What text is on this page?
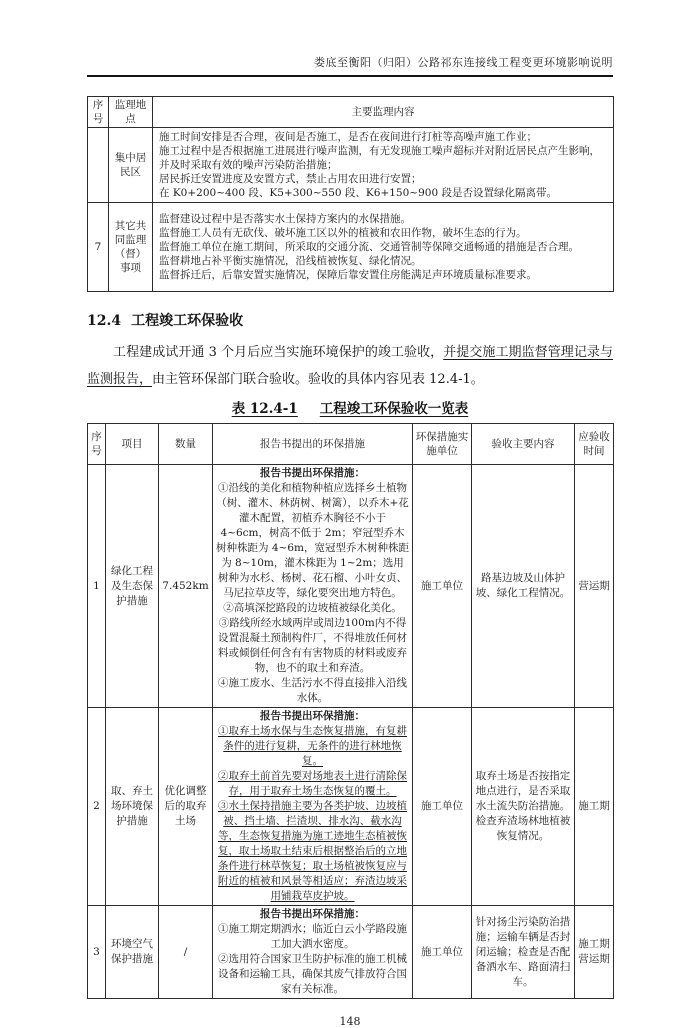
娄底至衡阳（归阳）公路祁东连接线工程变更环境影响说明
序号	监理地点	主要监理内容
	集中居民区	施工时间安排是否合理，夜间是否施工，是否在夜间进行打桩等高噪声施工作业；
施工过程中是否根据施工进展进行噪声监测，有无发现施工噪声超标并对附近居民点产生影响，并及时采取有效的噪声污染防治措施；
居民拆迁安置进度及安置方式，禁止占用农田进行安置；
在 K0+200~400 段、K5+300~550 段、K6+150~900 段是否设置绿化隔离带。

7	其它共同监理（督）事项	监督建设过程中是否落实水土保持方案内的水保措施。
监督施工人员有无砍伐、破坏施工区以外的植被和农田作物，破坏生态的行为。
监督施工单位在施工期间，所采取的交通分流、交通管制等保障交通畅通的措施是否合理。
监督耕地占补平衡实施情况，沿线植被恢复、绿化情况。
监督拆迁后，后靠安置实施情况，保障后靠安置住房能满足声环境质量标准要求。
12.4 工程竣工环保验收
工程建成试开通 3 个月后应当实施环境保护的竣工验收，并提交施工期监督管理记录与监测报告，由主管环保部门联合验收。验收的具体内容见表 12.4-1。
表 12.4-1 工程竣工环保验收一览表
序号	项目	数量	报告书提出的环保措施	环保措施实施单位	验收主要内容	应验收时间
1	绿化工程及生态保护措施	7.452km	报告书提出环保措施：
①沿线的美化和植物种植应选择乡土植物（树、灌木、林荫树、树篱），以乔木+花灌木配置，初植乔木胸径不小于 4~6cm，树高不低于 2m；窄冠型乔木树种株距为 4~6m，宽冠型乔木树种株距为 8~10m，灌木株距为 1~2m；选用树种为水杉、杨树、花石榴、小叶女贞、马尼拉草皮等，绿化要突出地方特色。
②高填深挖路段的边坡植被绿化美化。
③路线所经水域两岸或周边100m内不得设置混凝土预制构件厂，不得堆放任何材料或倾倒任何含有有害物质的材料或废弃物，也不的取土和弃渣。
④施工废水、生活污水不得直接排入沿线水体。	施工单位	路基边坡及山体护坡、绿化工程情况。	营运期
2	取、弃土场环境保护措施	优化调整后的取弃土场	报告书提出环保措施：
①取弃土场水保与生态恢复措施，有复耕条件的进行复耕，无条件的进行林地恢复。
②取弃土前首先要对场地表土进行清除保存，用于取弃土场生态恢复的覆土。
③水土保持措施主要为各类护坡、边坡植被、挡土墙、拦渣坝、排水沟、截水沟等，生态恢复措施为施工迹地生态植被恢复，取土场取土结束后根据整治后的立地条件进行林草恢复；取土场植被恢复应与附近的植被和风景等相适应；弃渣边坡采用铺栽草皮护坡。	施工单位	取弃土场是否按指定地点进行，是否采取水土流失防治措施。检查弃渣场林地植被恢复情况。	施工期
3	环境空气保护措施	/	报告书提出环保措施：
①施工期定期洒水；临近白云小学路段施工加大洒水密度。
②选用符合国家卫生防护标准的施工机械设备和运输工具，确保其废气排放符合国家有关标准。	施工单位	针对扬尘污染防治措施；运输车辆是否封闭运输；检查是否配备洒水车、路面清扫车。	施工期营运期
148
